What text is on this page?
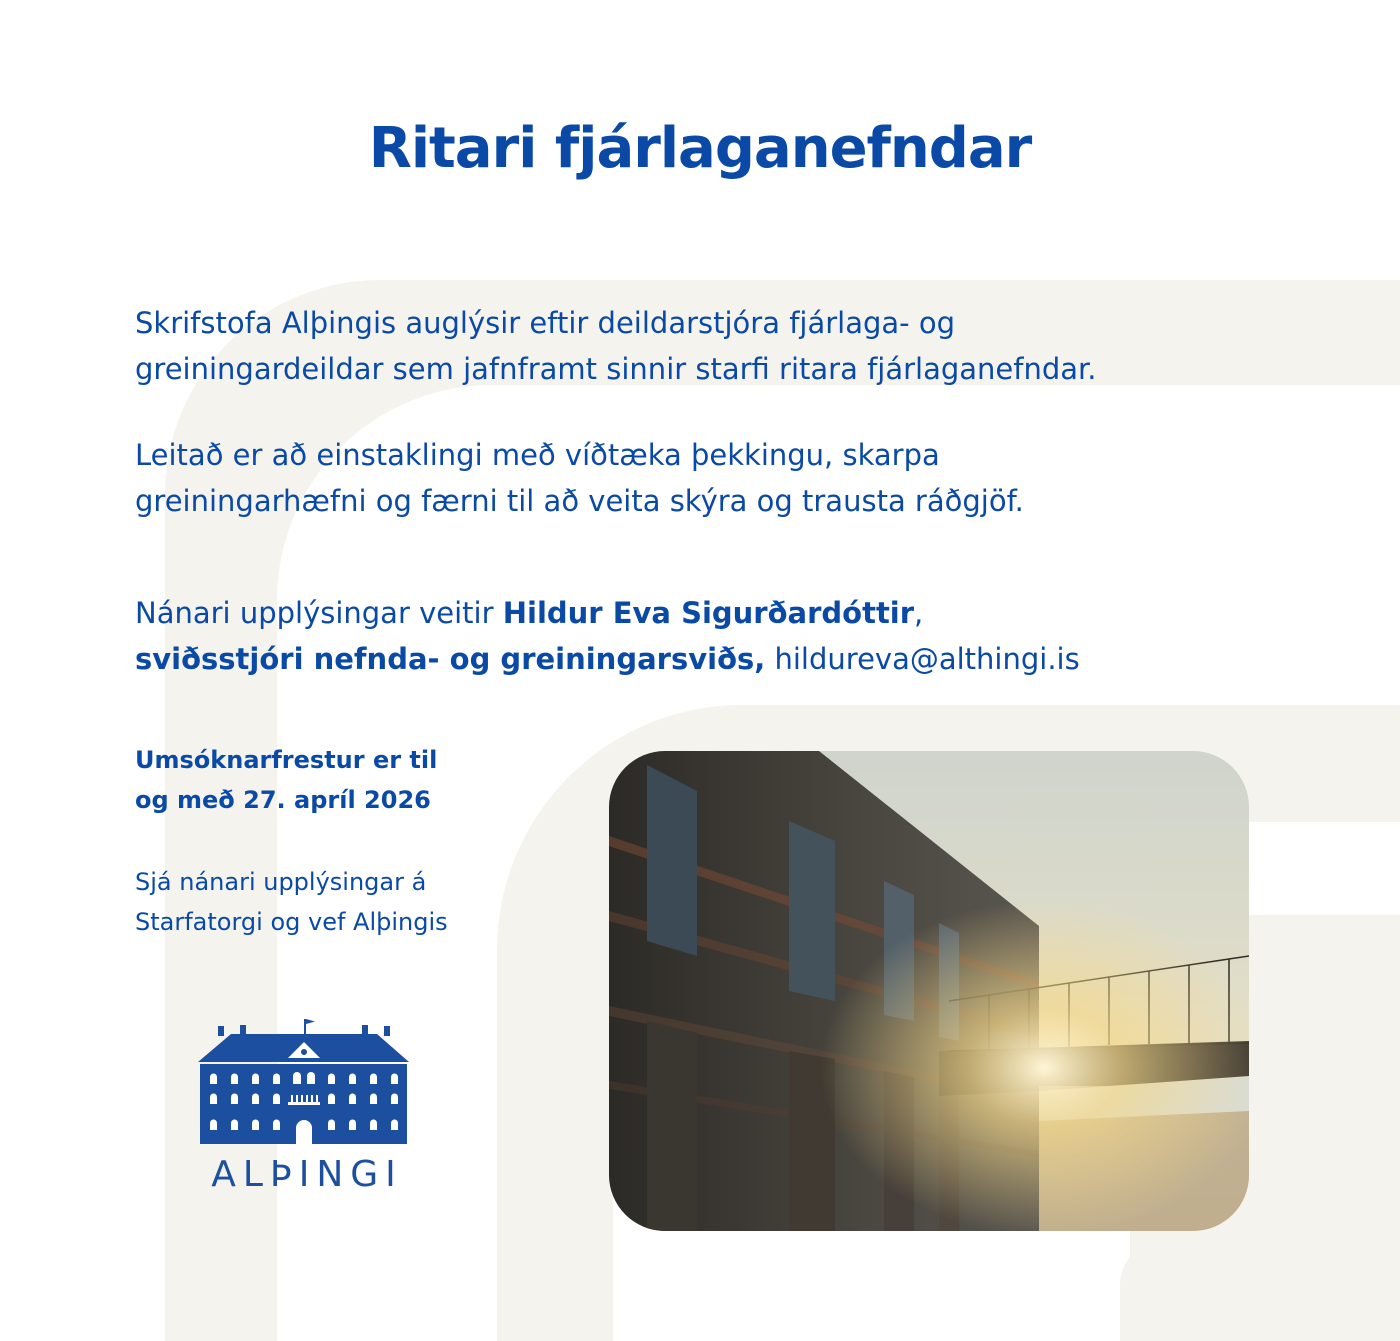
Ritari fjárlaganefndar

Skrifstofa Alþingis auglýsir eftir deildarstjóra fjárlaga- og
greiningardeildar sem jafnframt sinnir starfi ritara fjárlaganefndar.

Leitað er að einstaklingi með víðtæka þekkingu, skarpa
greiningarhæfni og færni til að veita skýra og trausta ráðgjöf.

Nánari upplýsingar veitir Hildur Eva Sigurðardóttir,
sviðsstjóri nefnda- og greiningarsviðs, hildureva@althingi.is

Umsóknarfrestur er til
og með 27. apríl 2026

Sjá nánari upplýsingar á
Starfatorgi og vef Alþingis

ALÞINGI
